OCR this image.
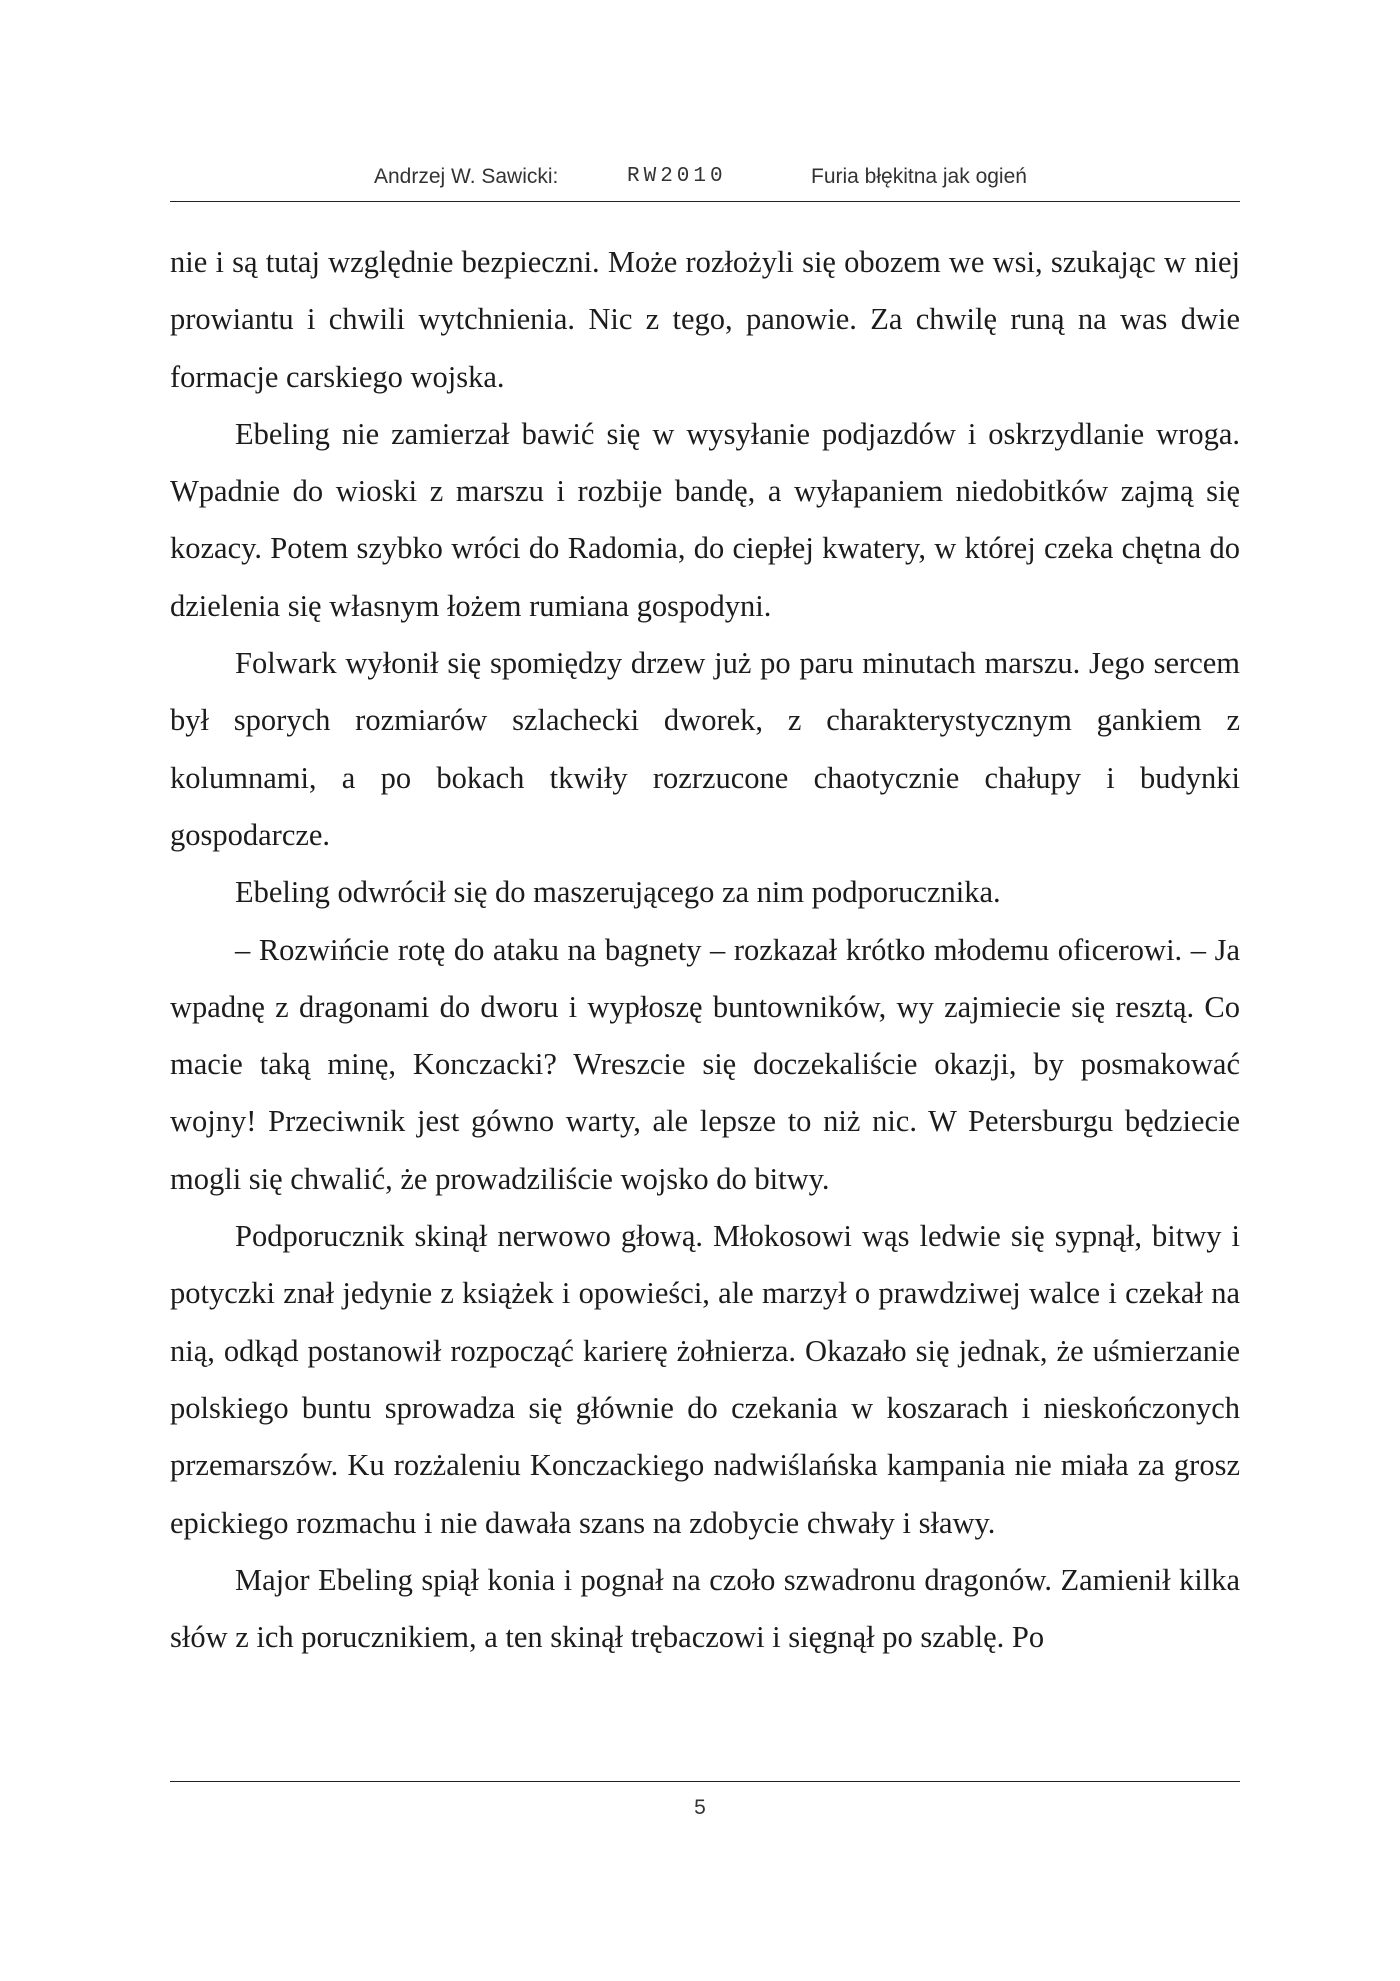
Andrzej W. Sawicki:	RW2010	Furia błękitna jak ogień

nie i są tutaj względnie bezpieczni. Może rozłożyli się obozem we wsi, szukając w niej prowiantu i chwili wytchnienia. Nic z tego, panowie. Za chwilę runą na was dwie formacje carskiego wojska.

Ebeling nie zamierzał bawić się w wysyłanie podjazdów i oskrzydlanie wroga. Wpadnie do wioski z marszu i rozbije bandę, a wyłapaniem niedobitków zajmą się kozacy. Potem szybko wróci do Radomia, do ciepłej kwatery, w której czeka chętna do dzielenia się własnym łożem rumiana gospodyni.

Folwark wyłonił się spomiędzy drzew już po paru minutach marszu. Jego sercem był sporych rozmiarów szlachecki dworek, z charakterystycznym gankiem z kolumnami, a po bokach tkwiły rozrzucone chaotycznie chałupy i budynki gospodarcze.

Ebeling odwrócił się do maszerującego za nim podporucznika.

– Rozwińcie rotę do ataku na bagnety – rozkazał krótko młodemu oficerowi. – Ja wpadnę z dragonami do dworu i wypłoszę buntowników, wy zajmiecie się resztą. Co macie taką minę, Konczacki? Wreszcie się doczekaliście okazji, by posmakować wojny! Przeciwnik jest gówno warty, ale lepsze to niż nic. W Petersburgu będziecie mogli się chwalić, że prowadziliście wojsko do bitwy.

Podporucznik skinął nerwowo głową. Młokosowi wąs ledwie się sypnął, bitwy i potyczki znał jedynie z książek i opowieści, ale marzył o prawdziwej walce i czekał na nią, odkąd postanowił rozpocząć karierę żołnierza. Okazało się jednak, że uśmierzanie polskiego buntu sprowadza się głównie do czekania w koszarach i nieskończonych przemarszów. Ku rozżaleniu Konczackiego nadwiślańska kampania nie miała za grosz epickiego rozmachu i nie dawała szans na zdobycie chwały i sławy.

Major Ebeling spiął konia i pognał na czoło szwadronu dragonów. Zamienił kilka słów z ich porucznikiem, a ten skinął trębaczowi i sięgnął po szablę. Po

5
